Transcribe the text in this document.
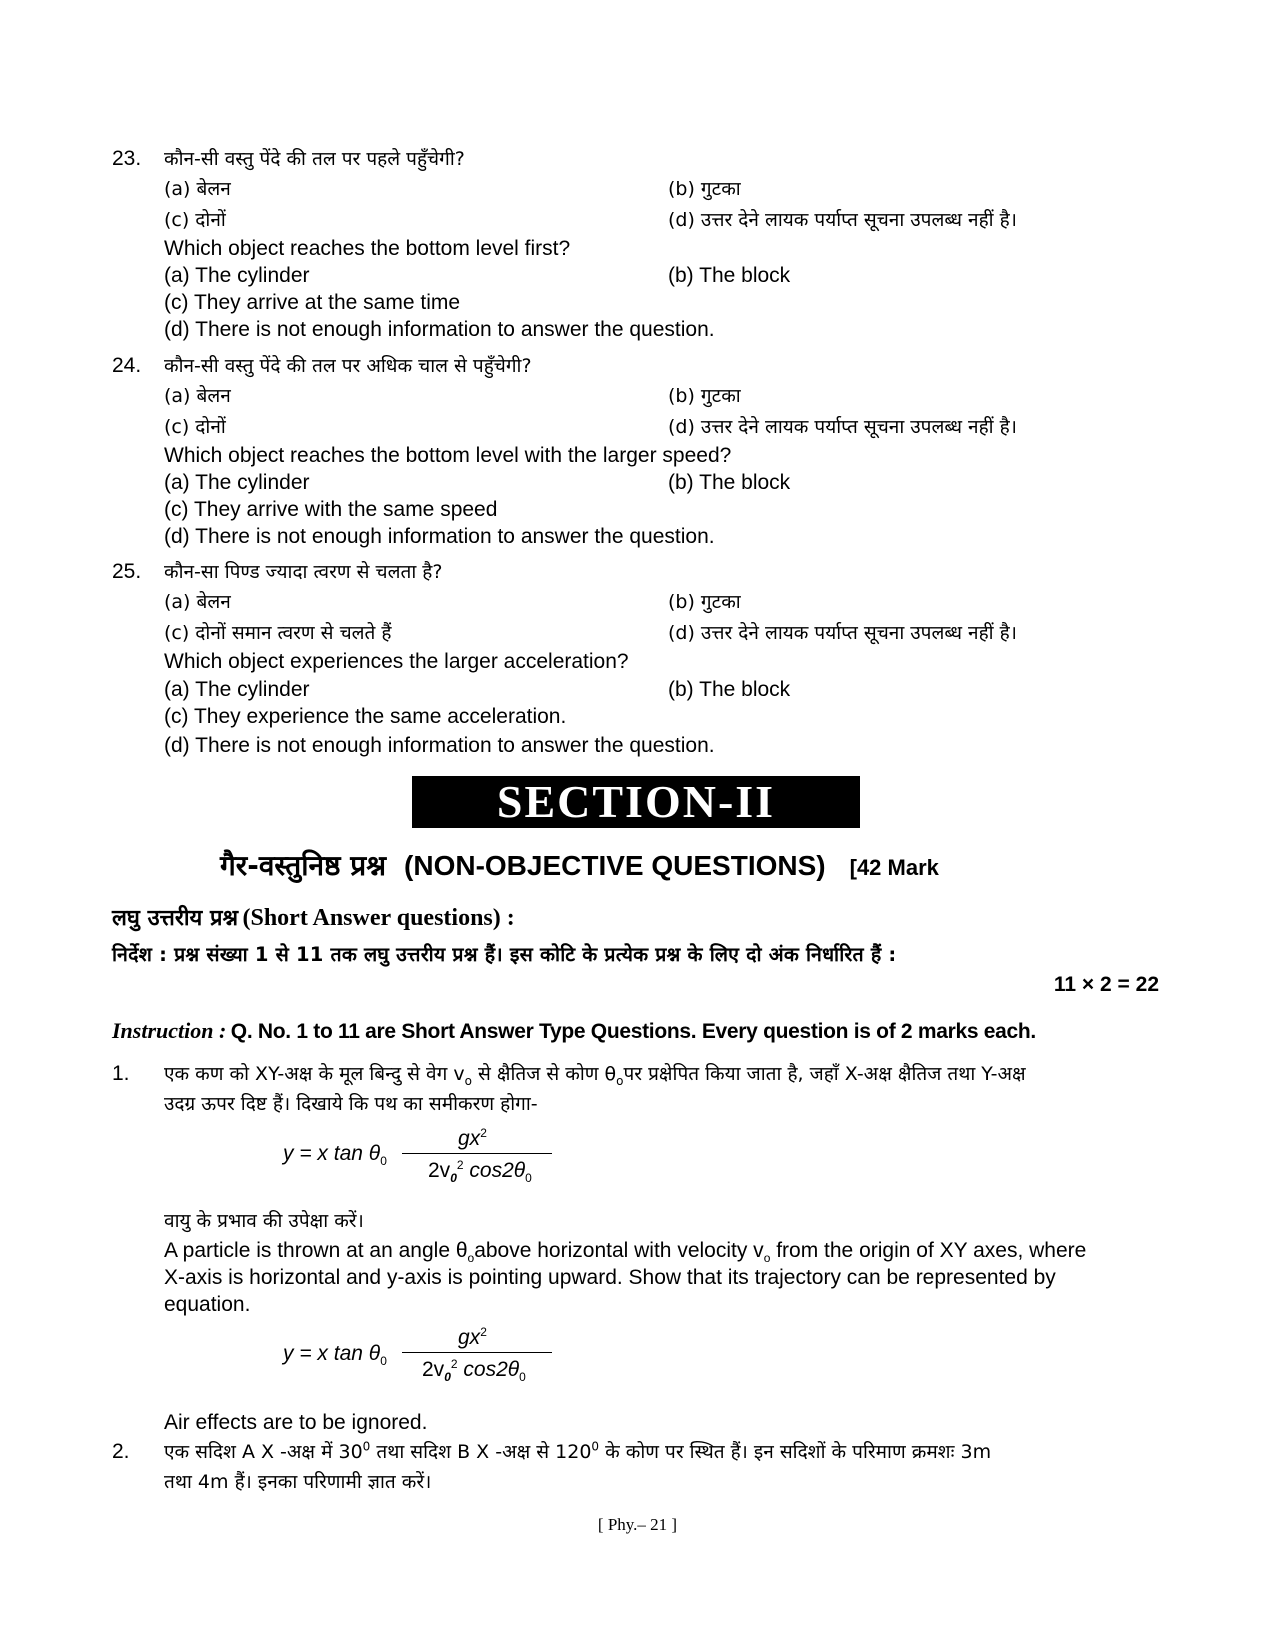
23. कौन-सी वस्तु पेंदे की तल पर पहले पहुँचेगी?
(a) बेलन	(b) गुटका
(c) दोनों	(d) उत्तर देने लायक पर्याप्त सूचना उपलब्ध नहीं है।
Which object reaches the bottom level first?
(a) The cylinder	(b) The block
(c) They arrive at the same time
(d) There is not enough information to answer the question.
24. कौन-सी वस्तु पेंदे की तल पर अधिक चाल से पहुँचेगी?
(a) बेलन	(b) गुटका
(c) दोनों	(d) उत्तर देने लायक पर्याप्त सूचना उपलब्ध नहीं है।
Which object reaches the bottom level with the larger speed?
(a) The cylinder	(b) The block
(c) They arrive with the same speed
(d) There is not enough information to answer the question.
25. कौन-सा पिण्ड ज्यादा त्वरण से चलता है?
(a) बेलन	(b) गुटका
(c) दोनों समान त्वरण से चलते हैं	(d) उत्तर देने लायक पर्याप्त सूचना उपलब्ध नहीं है।
Which object experiences the larger acceleration?
(a) The cylinder	(b) The block
(c) They experience the same acceleration.
(d) There is not enough information to answer the question.
SECTION-II
गैर-वस्तुनिष्ठ प्रश्न (NON-OBJECTIVE QUESTIONS) [42 Mark
लघु उत्तरीय प्रश्न (Short Answer questions) :
निर्देश : प्रश्न संख्या 1 से 11 तक लघु उत्तरीय प्रश्न हैं। इस कोटि के प्रत्येक प्रश्न के लिए दो अंक निर्धारित हैं :
11 × 2 = 22
Instruction : Q. No. 1 to 11 are Short Answer Type Questions. Every question is of 2 marks each.
1. एक कण को XY-अक्ष के मूल बिन्दु से वेग $v_o$ से क्षैतिज से कोण $\theta_oपर$ प्रक्षेपित किया जाता है, जहाँ X-अक्ष क्षैतिज तथा Y-अक्ष
उदग्र ऊपर दिष्ट हैं। दिखाये कि पथ का समीकरण होगा-
y = x $\tan \theta_0$
$gx^2$
$2v_0^2$ $\cos 2\theta_0$
वायु के प्रभाव की उपेक्षा करें।
A particle is thrown at an angle $\theta_oabove$ horizontal with velocity $v_o$ from the origin of XY axes, where
X-axis is horizontal and y-axis is pointing upward. Show that its trajectory can be represented by
equation.
y = x $\tan \theta_0$
$gx^2$
$2v_0^2$ $\cos 2\theta_0$
Air effects are to be ignored.
2. एक सदिश A X -अक्ष में $30^0$ तथा सदिश B X -अक्ष से $120^0$ के कोण पर स्थित हैं। इन सदिशों के परिमाण क्रमशः 3m
तथा 4m हैं। इनका परिणामी ज्ञात करें।
[ Phy.– 21 ]
